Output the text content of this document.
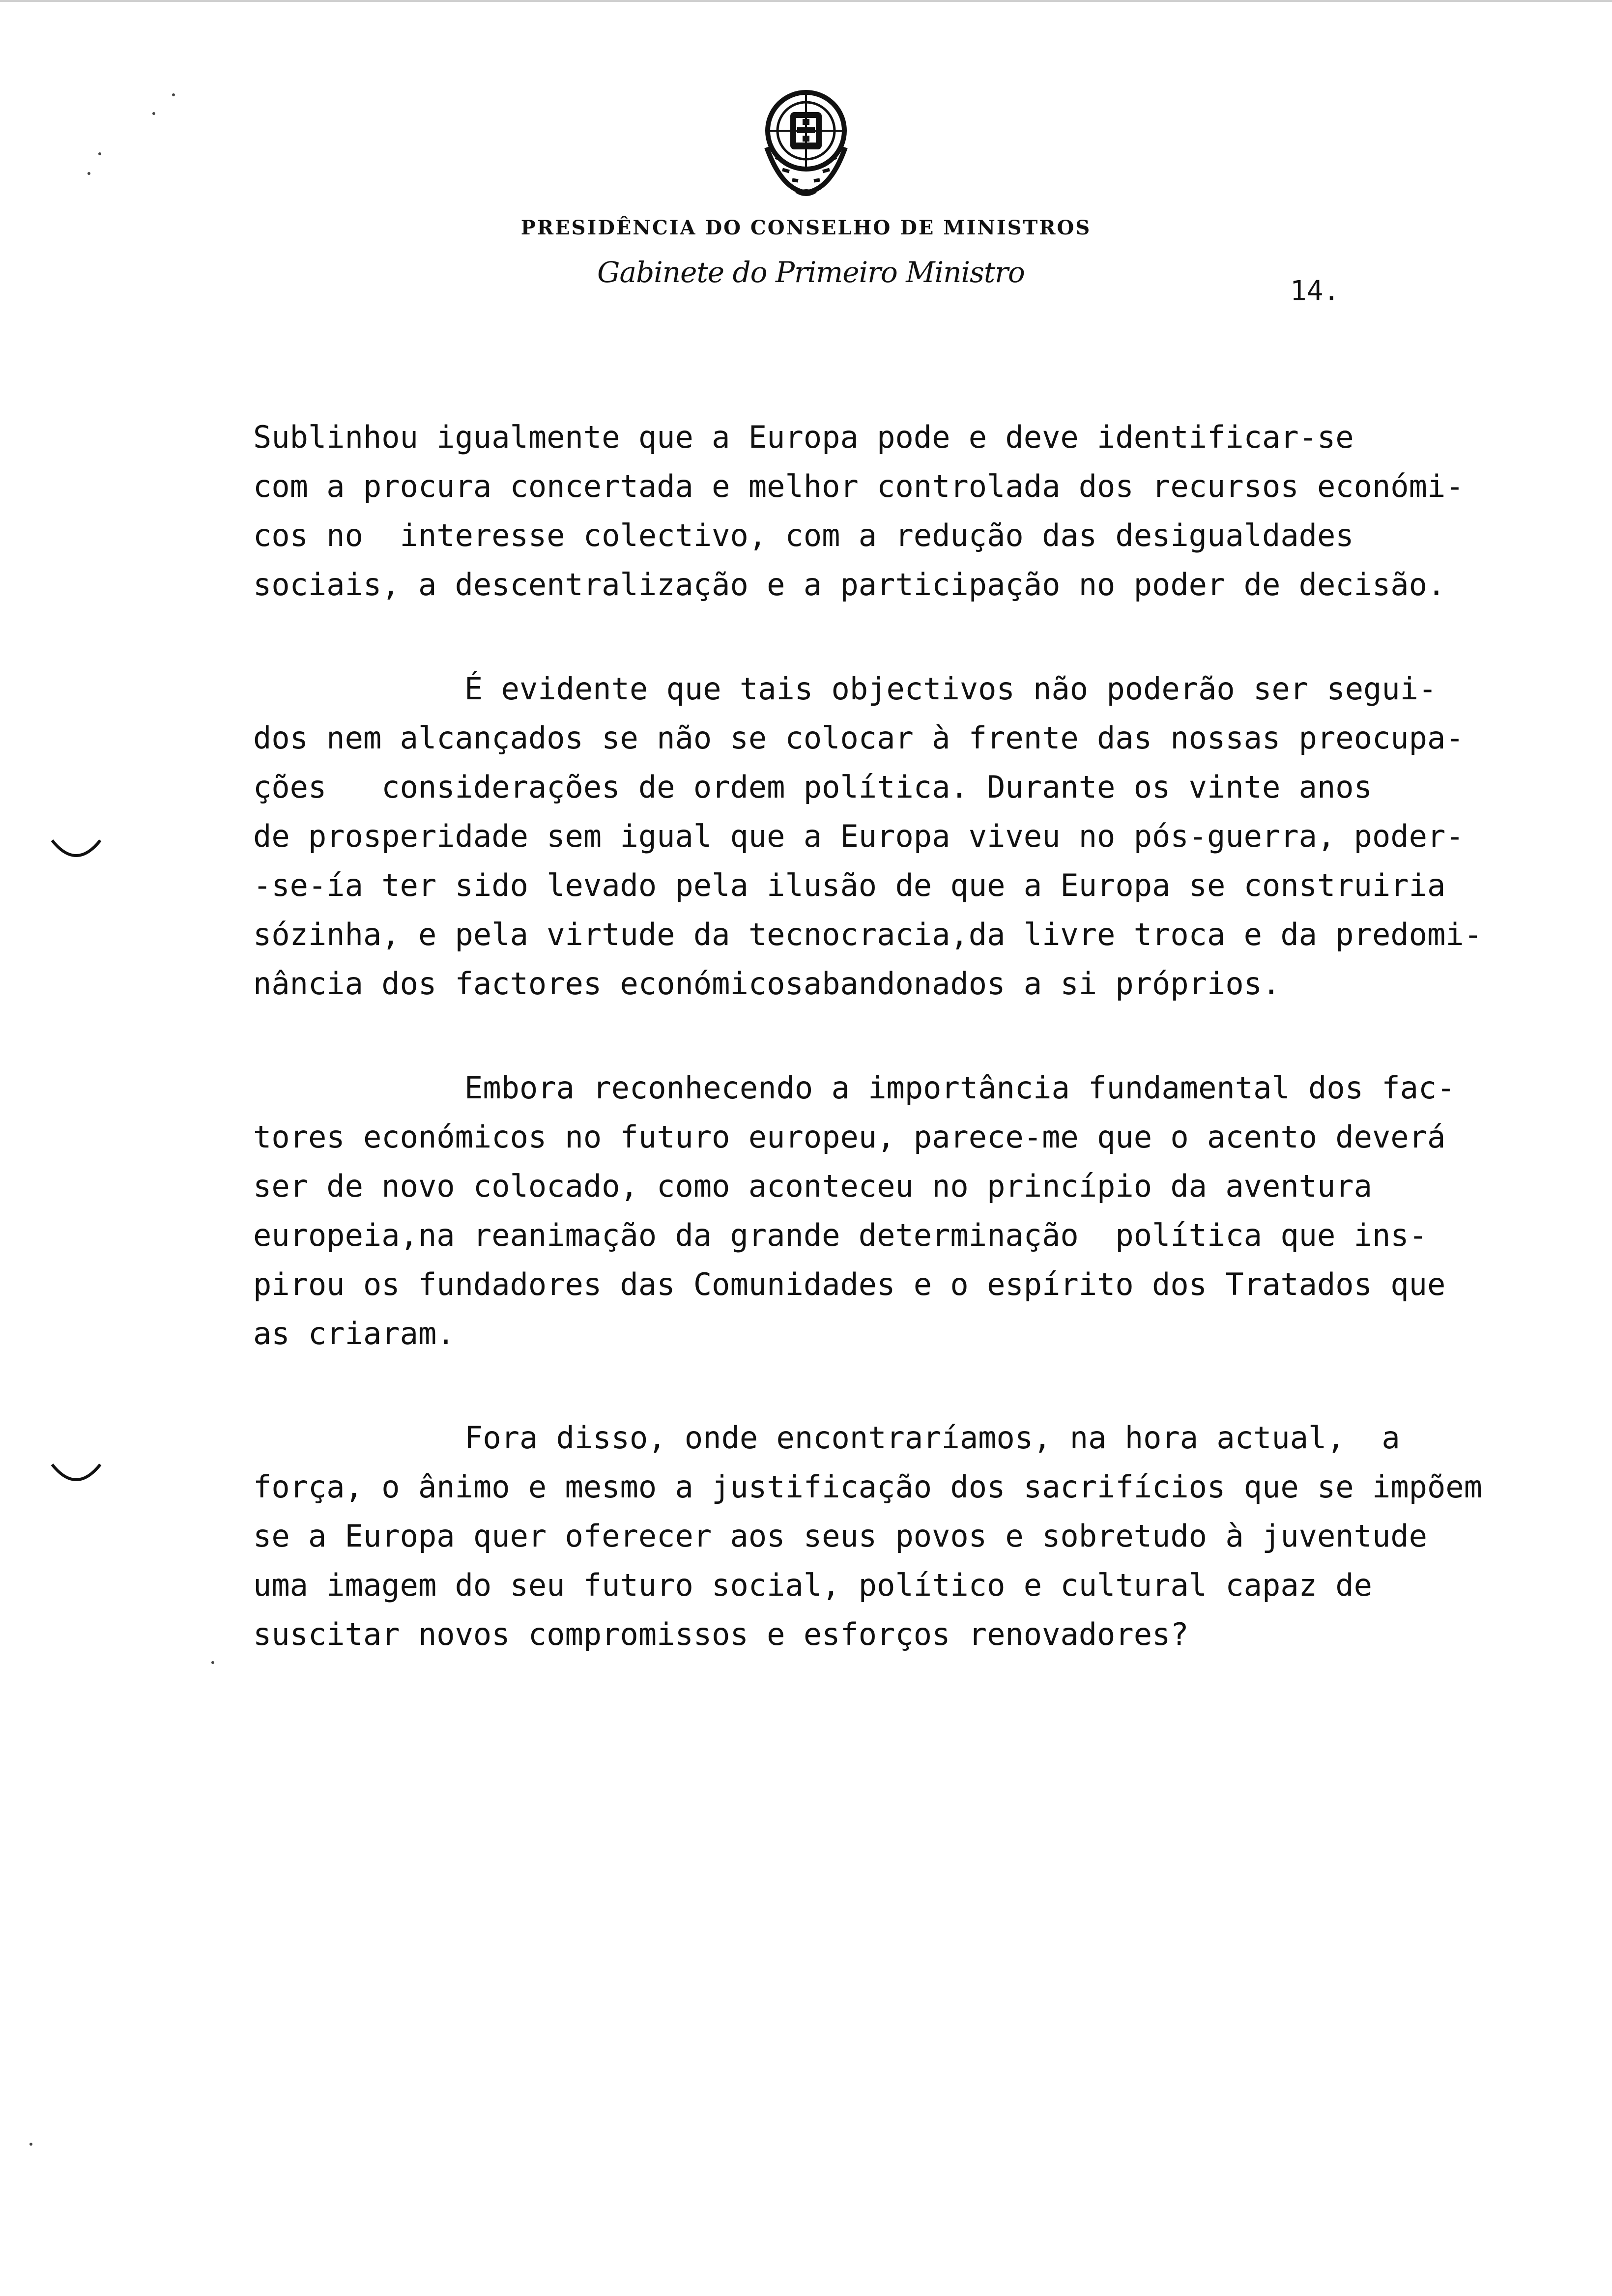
PRESIDÊNCIA DO CONSELHO DE MINISTROS
Gabinete do Primeiro Ministro
14.

Sublinhou igualmente que a Europa pode e deve identificar-se
com a procura concertada e melhor controlada dos recursos económi-
cos no  interesse colectivo, com a redução das desigualdades
sociais, a descentralização e a participação no poder de decisão.

É evidente que tais objectivos não poderão ser segui-
dos nem alcançados se não se colocar à frente das nossas preocupa-
ções   considerações de ordem política. Durante os vinte anos
de prosperidade sem igual que a Europa viveu no pós-guerra, poder-
-se-ía ter sido levado pela ilusão de que a Europa se construiria
sózinha, e pela virtude da tecnocracia,da livre troca e da predomi-
nância dos factores económicosabandonados a si próprios.

Embora reconhecendo a importância fundamental dos fac-
tores económicos no futuro europeu, parece-me que o acento deverá
ser de novo colocado, como aconteceu no princípio da aventura
europeia,na reanimação da grande determinação  política que ins-
pirou os fundadores das Comunidades e o espírito dos Tratados que
as criaram.

Fora disso, onde encontraríamos, na hora actual,  a
força, o ânimo e mesmo a justificação dos sacrifícios que se impõem
se a Europa quer oferecer aos seus povos e sobretudo à juventude
uma imagem do seu futuro social, político e cultural capaz de
suscitar novos compromissos e esforços renovadores?
